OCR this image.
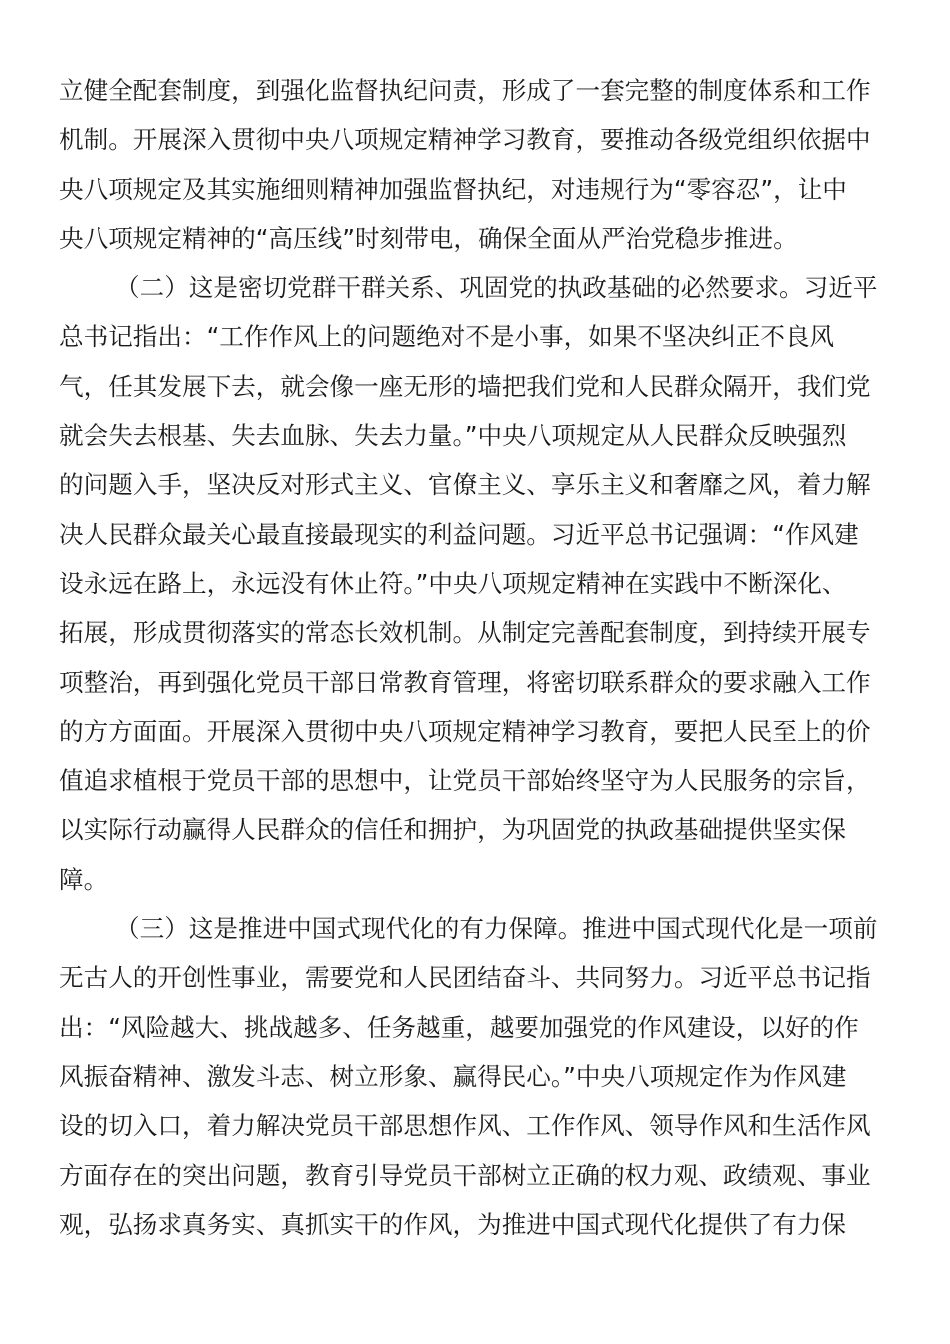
立健全配套制度，到强化监督执纪问责，形成了一套完整的制度体系和工作
机制。开展深入贯彻中央八项规定精神学习教育，要推动各级党组织依据中
央八项规定及其实施细则精神加强监督执纪，对违规行为“零容忍”，让中
央八项规定精神的“高压线”时刻带电，确保全面从严治党稳步推进。
（二）这是密切党群干群关系、巩固党的执政基础的必然要求。习近平
总书记指出：“工作作风上的问题绝对不是小事，如果不坚决纠正不良风
气，任其发展下去，就会像一座无形的墙把我们党和人民群众隔开，我们党
就会失去根基、失去血脉、失去力量。”中央八项规定从人民群众反映强烈
的问题入手，坚决反对形式主义、官僚主义、享乐主义和奢靡之风，着力解
决人民群众最关心最直接最现实的利益问题。习近平总书记强调：“作风建
设永远在路上，永远没有休止符。”中央八项规定精神在实践中不断深化、
拓展，形成贯彻落实的常态长效机制。从制定完善配套制度，到持续开展专
项整治，再到强化党员干部日常教育管理，将密切联系群众的要求融入工作
的方方面面。开展深入贯彻中央八项规定精神学习教育，要把人民至上的价
值追求植根于党员干部的思想中，让党员干部始终坚守为人民服务的宗旨，
以实际行动赢得人民群众的信任和拥护，为巩固党的执政基础提供坚实保
障。
（三）这是推进中国式现代化的有力保障。推进中国式现代化是一项前
无古人的开创性事业，需要党和人民团结奋斗、共同努力。习近平总书记指
出：“风险越大、挑战越多、任务越重，越要加强党的作风建设，以好的作
风振奋精神、激发斗志、树立形象、赢得民心。”中央八项规定作为作风建
设的切入口，着力解决党员干部思想作风、工作作风、领导作风和生活作风
方面存在的突出问题，教育引导党员干部树立正确的权力观、政绩观、事业
观，弘扬求真务实、真抓实干的作风，为推进中国式现代化提供了有力保
